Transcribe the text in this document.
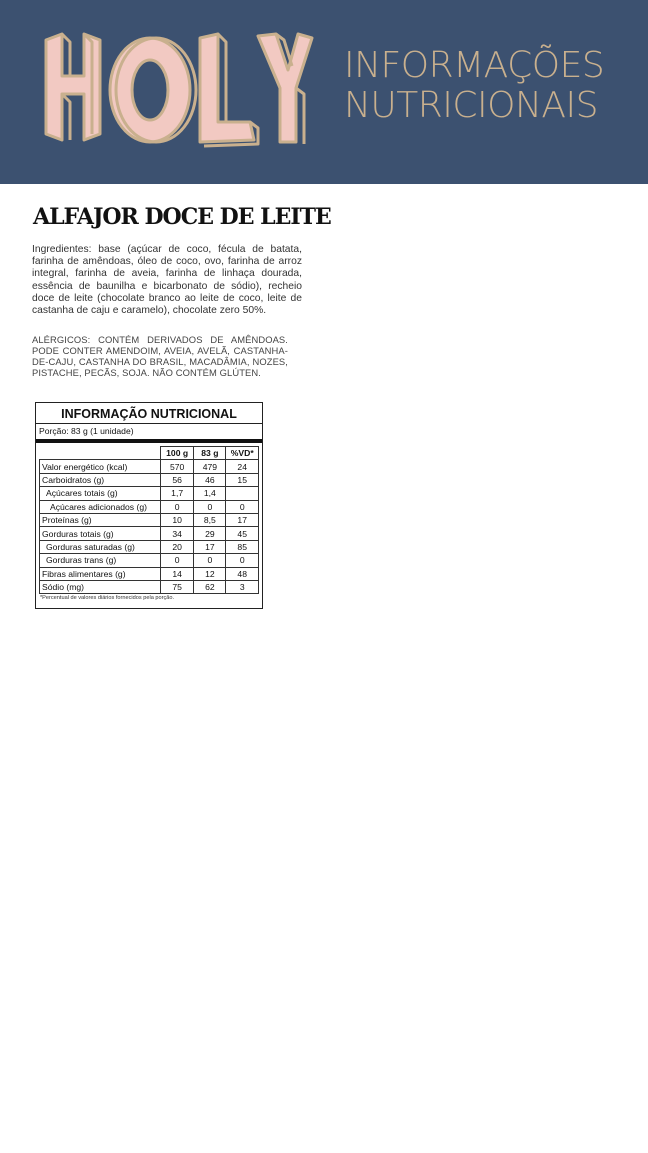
INFORMAÇÕES
NUTRICIONAIS
ALFAJOR DOCE DE LEITE

Ingredientes: base (açúcar de coco, fécula de batata, farinha de amêndoas, óleo de coco, ovo, farinha de arroz integral, farinha de aveia, farinha de linhaça dourada, essência de baunilha e bicarbonato de sódio), recheio doce de leite (chocolate branco ao leite de coco, leite de castanha de caju e caramelo), chocolate zero 50%.

ALÉRGICOS: CONTÉM DERIVADOS DE AMÊNDOAS. PODE CONTER AMENDOIM, AVEIA, AVELÃ, CASTANHA-DE-CAJU, CASTANHA DO BRASIL, MACADÂMIA, NOZES, PISTACHE, PECÃS, SOJA. NÃO CONTÉM GLÚTEN.

INFORMAÇÃO NUTRICIONAL
Porção: 83 g (1 unidade)
	100 g	83 g	%VD*
Valor energético (kcal)	570	479	24
Carboidratos (g)	56	46	15
Açúcares totais (g)	1,7	1,4	
Açúcares adicionados (g)	0	0	0
Proteínas (g)	10	8,5	17
Gorduras totais (g)	34	29	45
Gorduras saturadas (g)	20	17	85
Gorduras trans (g)	0	0	0
Fibras alimentares (g)	14	12	48
Sódio (mg)	75	62	3
*Percentual de valores diários fornecidos pela porção.
